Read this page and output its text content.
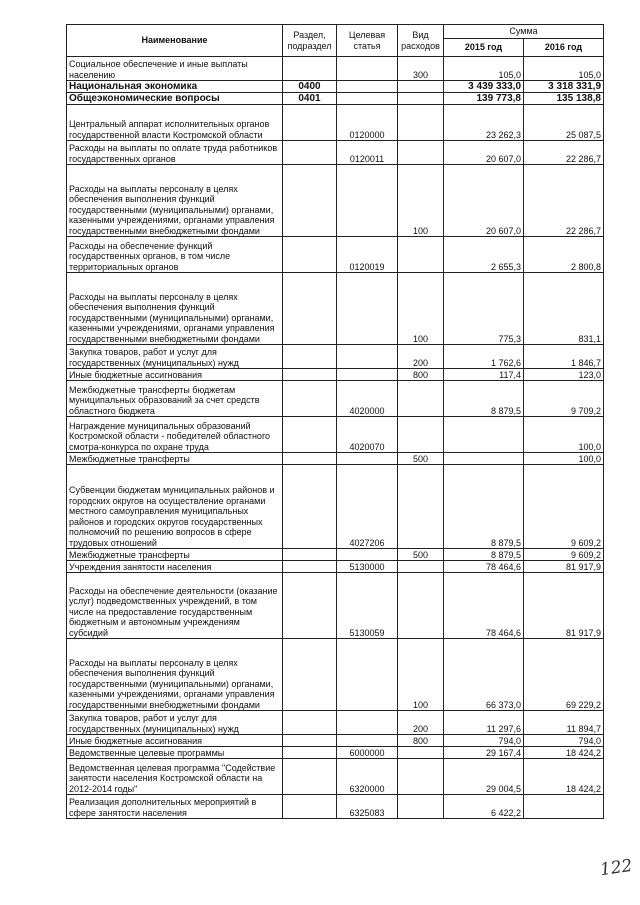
Наименование	Раздел, подраздел	Целевая статья	Вид расходов	Сумма	
				2015 год	2016 год
Социальное обеспечение и иные выплаты населению			300	105,0	105,0
Национальная экономика	0400			3 439 333,0	3 318 331,9
Общеэкономические вопросы	0401			139 773,8	135 138,8
Центральный аппарат исполнительных органов государственной власти Костромской области		0120000		23 262,3	25 087,5
Расходы на выплаты по оплате труда работников государственных органов		0120011		20 607,0	22 286,7
Расходы на выплаты персоналу в целях обеспечения выполнения функций государственными (муниципальными) органами, казенными учреждениями, органами управления государственными внебюджетными фондами			100	20 607,0	22 286,7
Расходы на обеспечение функций государственных органов, в том числе территориальных органов		0120019		2 655,3	2 800,8
Расходы на выплаты персоналу в целях обеспечения выполнения функций государственными (муниципальными) органами, казенными учреждениями, органами управления государственными внебюджетными фондами			100	775,3	831,1
Закупка товаров, работ и услуг для государственных (муниципальных) нужд			200	1 762,6	1 846,7
Иные бюджетные ассигнования			800	117,4	123,0
Межбюджетные трансферты бюджетам муниципальных образований за счет средств областного бюджета		4020000		8 879,5	9 709,2
Награждение муниципальных образований Костромской области - победителей областного смотра-конкурса по охране труда		4020070			100,0
Межбюджетные трансферты			500		100,0
Субвенции бюджетам муниципальных районов и городских округов на осуществление органами местного самоуправления муниципальных районов и городских округов государственных полномочий по решению вопросов в сфере трудовых отношений		4027206		8 879,5	9 609,2
Межбюджетные трансферты			500	8 879,5	9 609,2
Учреждения занятости населения		5130000		78 464,6	81 917,9
Расходы на обеспечение деятельности (оказание услуг) подведомственных учреждений, в том числе на предоставление государственным бюджетным и автономным учреждениям субсидий		5130059		78 464,6	81 917,9
Расходы на выплаты персоналу в целях обеспечения выполнения функций государственными (муниципальными) органами, казенными учреждениями, органами управления государственными внебюджетными фондами			100	66 373,0	69 229,2
Закупка товаров, работ и услуг для государственных (муниципальных) нужд			200	11 297,6	11 894,7
Иные бюджетные ассигнования			800	794,0	794,0
Ведомственные целевые программы		6000000		29 167,4	18 424,2
Ведомственная целевая программа "Содействие занятости населения Костромской области на 2012-2014 годы"		6320000		29 004,5	18 424,2
Реализация дополнительных мероприятий в сфере занятости населения		6325083		6 422,2	
122
